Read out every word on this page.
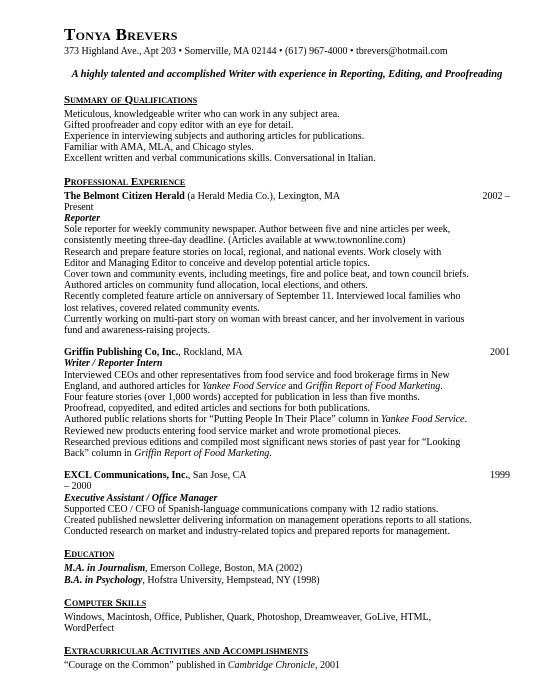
Tonya Brevers
373 Highland Ave., Apt 203 • Somerville, MA 02144 • (617) 967-4000 • tbrevers@hotmail.com
A highly talented and accomplished Writer with experience in Reporting, Editing, and Proofreading
Summary of Qualifications
Meticulous, knowledgeable writer who can work in any subject area.
Gifted proofreader and copy editor with an eye for detail.
Experience in interviewing subjects and authoring articles for publications.
Familiar with AMA, MLA, and Chicago styles.
Excellent written and verbal communications skills. Conversational in Italian.
Professional Experience
The Belmont Citizen Herald (a Herald Media Co.), Lexington, MA	2002 –
Present
Reporter
Sole reporter for weekly community newspaper. Author between five and nine articles per week,
consistently meeting three-day deadline. (Articles available at www.townonline.com)
Research and prepare feature stories on local, regional, and national events. Work closely with
Editor and Managing Editor to conceive and develop potential article topics.
Cover town and community events, including meetings, fire and police beat, and town council briefs.
Authored articles on community fund allocation, local elections, and others.
Recently completed feature article on anniversary of September 11. Interviewed local families who
lost relatives, covered related community events.
Currently working on multi-part story on woman with breast cancer, and her involvement in various
fund and awareness-raising projects.
Griffin Publishing Co, Inc., Rockland, MA	2001
Writer / Reporter Intern
Interviewed CEOs and other representatives from food service and food brokerage firms in New
England, and authored articles for Yankee Food Service and Griffin Report of Food Marketing.
Four feature stories (over 1,000 words) accepted for publication in less than five months.
Proofread, copyedited, and edited articles and sections for both publications.
Authored public relations shorts for “Putting People In Their Place” column in Yankee Food Service.
Reviewed new products entering food service market and wrote promotional pieces.
Researched previous editions and compiled most significant news stories of past year for “Looking
Back” column in Griffin Report of Food Marketing.
EXCL Communications, Inc., San Jose, CA	1999
– 2000
Executive Assistant / Office Manager
Supported CEO / CFO of Spanish-language communications company with 12 radio stations.
Created published newsletter delivering information on management operations reports to all stations.
Conducted research on market and industry-related topics and prepared reports for management.
Education
M.A. in Journalism, Emerson College, Boston, MA (2002)
B.A. in Psychology, Hofstra University, Hempstead, NY (1998)
Computer Skills
Windows, Macintosh, Office, Publisher, Quark, Photoshop, Dreamweaver, GoLive, HTML,
WordPerfect
Extracurricular Activities and Accomplishments
“Courage on the Common” published in Cambridge Chronicle, 2001
